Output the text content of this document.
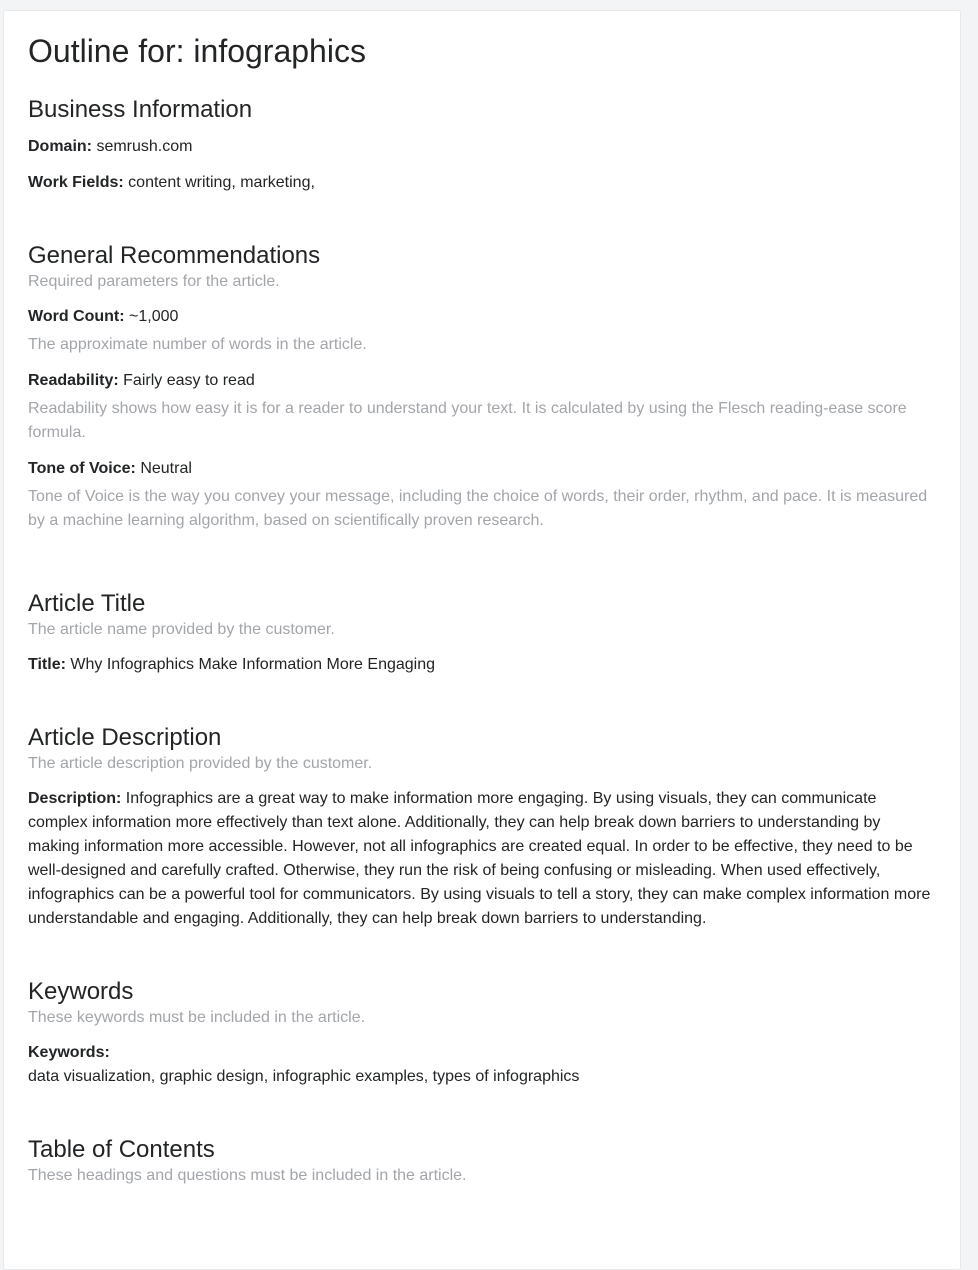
Outline for: infographics
Business Information

Domain: semrush.com

Work Fields: content writing, marketing,

General Recommendations

Required parameters for the article.

Word Count: ~1,000

The approximate number of words in the article.

Readability: Fairly easy to read

Readability shows how easy it is for a reader to understand your text. It is calculated by using the Flesch reading-ease score formula.

Tone of Voice: Neutral

Tone of Voice is the way you convey your message, including the choice of words, their order, rhythm, and pace. It is measured by a machine learning algorithm, based on scientifically proven research.

Article Title

The article name provided by the customer.

Title: Why Infographics Make Information More Engaging

Article Description

The article description provided by the customer.

Description: Infographics are a great way to make information more engaging. By using visuals, they can communicate complex information more effectively than text alone. Additionally, they can help break down barriers to understanding by making information more accessible. However, not all infographics are created equal. In order to be effective, they need to be well-designed and carefully crafted. Otherwise, they run the risk of being confusing or misleading. When used effectively, infographics can be a powerful tool for communicators. By using visuals to tell a story, they can make complex information more understandable and engaging. Additionally, they can help break down barriers to understanding.

Keywords

These keywords must be included in the article.

Keywords:
data visualization, graphic design, infographic examples, types of infographics

Table of Contents

These headings and questions must be included in the article.
